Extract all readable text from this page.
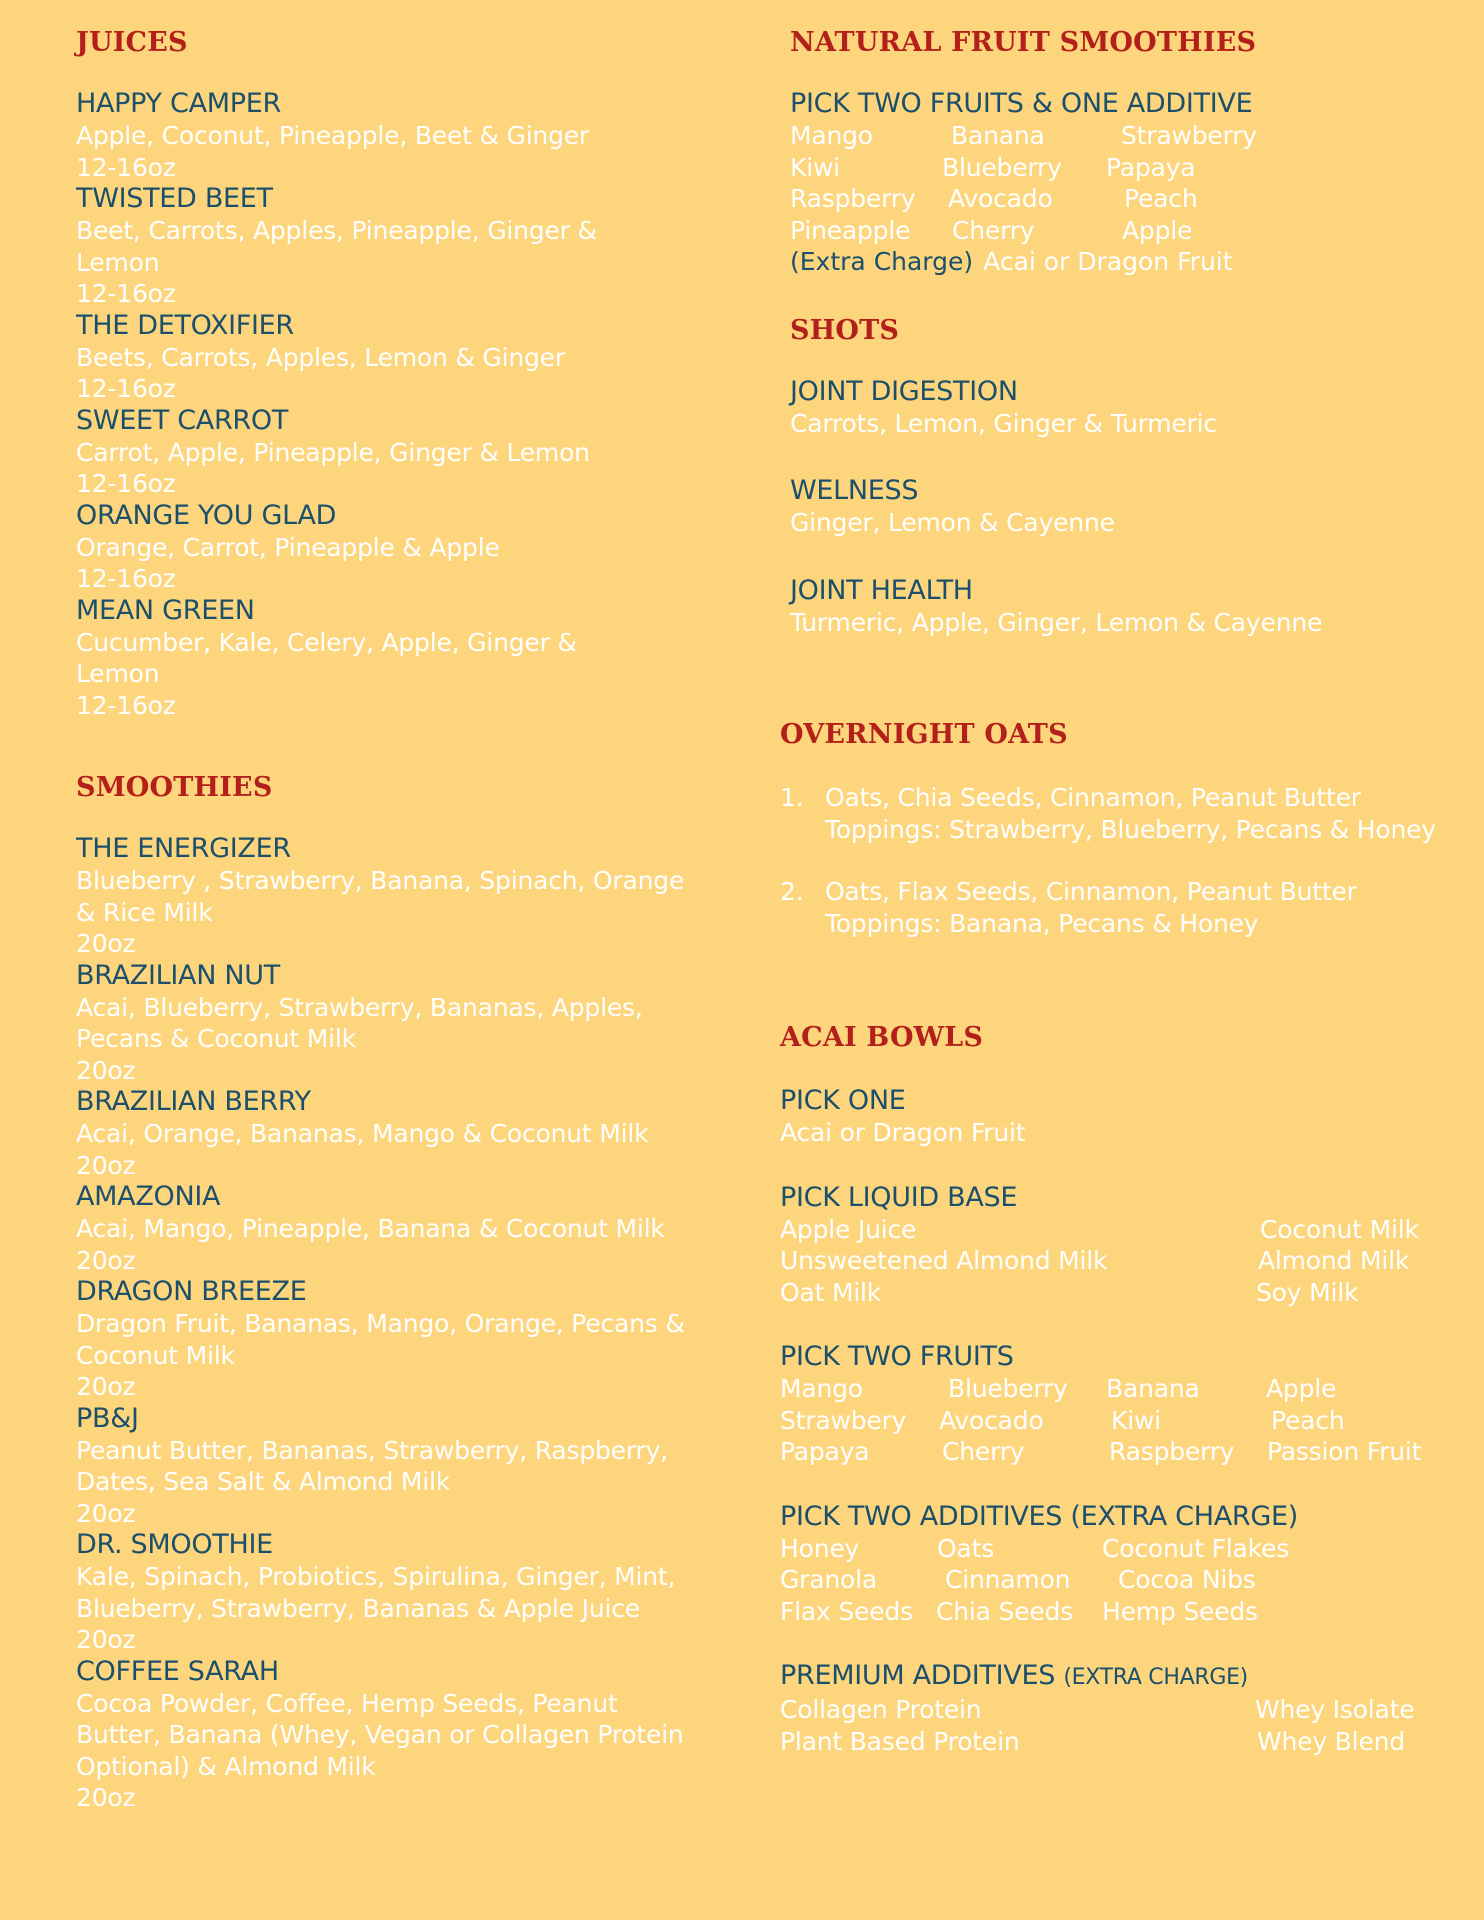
JUICES
HAPPY CAMPER
Apple, Coconut, Pineapple, Beet & Ginger
12-16oz
TWISTED BEET
Beet, Carrots, Apples, Pineapple, Ginger &
Lemon
12-16oz
THE DETOXIFIER
Beets, Carrots, Apples, Lemon & Ginger
12-16oz
SWEET CARROT
Carrot, Apple, Pineapple, Ginger & Lemon
12-16oz
ORANGE YOU GLAD
Orange, Carrot, Pineapple & Apple
12-16oz
MEAN GREEN
Cucumber, Kale, Celery, Apple, Ginger &
Lemon
12-16oz
SMOOTHIES
THE ENERGIZER
Blueberry , Strawberry, Banana, Spinach, Orange
& Rice Milk
20oz
BRAZILIAN NUT
Acai, Blueberry, Strawberry, Bananas, Apples,
Pecans & Coconut Milk
20oz
BRAZILIAN BERRY
Acai, Orange, Bananas, Mango & Coconut Milk
20oz
AMAZONIA
Acai, Mango, Pineapple, Banana & Coconut Milk
20oz
DRAGON BREEZE
Dragon Fruit, Bananas, Mango, Orange, Pecans &
Coconut Milk
20oz
PB&J
Peanut Butter, Bananas, Strawberry, Raspberry,
Dates, Sea Salt & Almond Milk
20oz
DR. SMOOTHIE
Kale, Spinach, Probiotics, Spirulina, Ginger, Mint,
Blueberry, Strawberry, Bananas & Apple Juice
20oz
COFFEE SARAH
Cocoa Powder, Coffee, Hemp Seeds, Peanut
Butter, Banana (Whey, Vegan or Collagen Protein
Optional) & Almond Milk
20oz
NATURAL FRUIT SMOOTHIES
PICK TWO FRUITS & ONE ADDITIVE
Mango	Banana	Strawberry
Kiwi	Blueberry	Papaya
Raspberry	Avocado	Peach
Pineapple	Cherry	Apple
(Extra Charge) Acai or Dragon Fruit
SHOTS
JOINT DIGESTION
Carrots, Lemon, Ginger & Turmeric
WELNESS
Ginger, Lemon & Cayenne
JOINT HEALTH
Turmeric, Apple, Ginger, Lemon & Cayenne
OVERNIGHT OATS
1. Oats, Chia Seeds, Cinnamon, Peanut Butter
Toppings: Strawberry, Blueberry, Pecans & Honey
2. Oats, Flax Seeds, Cinnamon, Peanut Butter
Toppings: Banana, Pecans & Honey
ACAI BOWLS
PICK ONE
Acai or Dragon Fruit
PICK LIQUID BASE
Apple Juice	Coconut Milk
Unsweetened Almond Milk	Almond Milk
Oat Milk	Soy Milk
PICK TWO FRUITS
Mango	Blueberry	Banana	Apple
Strawbery	Avocado	Kiwi	Peach
Papaya	Cherry	Raspberry	Passion Fruit
PICK TWO ADDITIVES (EXTRA CHARGE)
Honey	Oats	Coconut Flakes
Granola	Cinnamon	Cocoa Nibs
Flax Seeds Chia Seeds	Hemp Seeds
PREMIUM ADDITIVES (EXTRA CHARGE)
Collagen Protein	Whey Isolate
Plant Based Protein	Whey Blend
